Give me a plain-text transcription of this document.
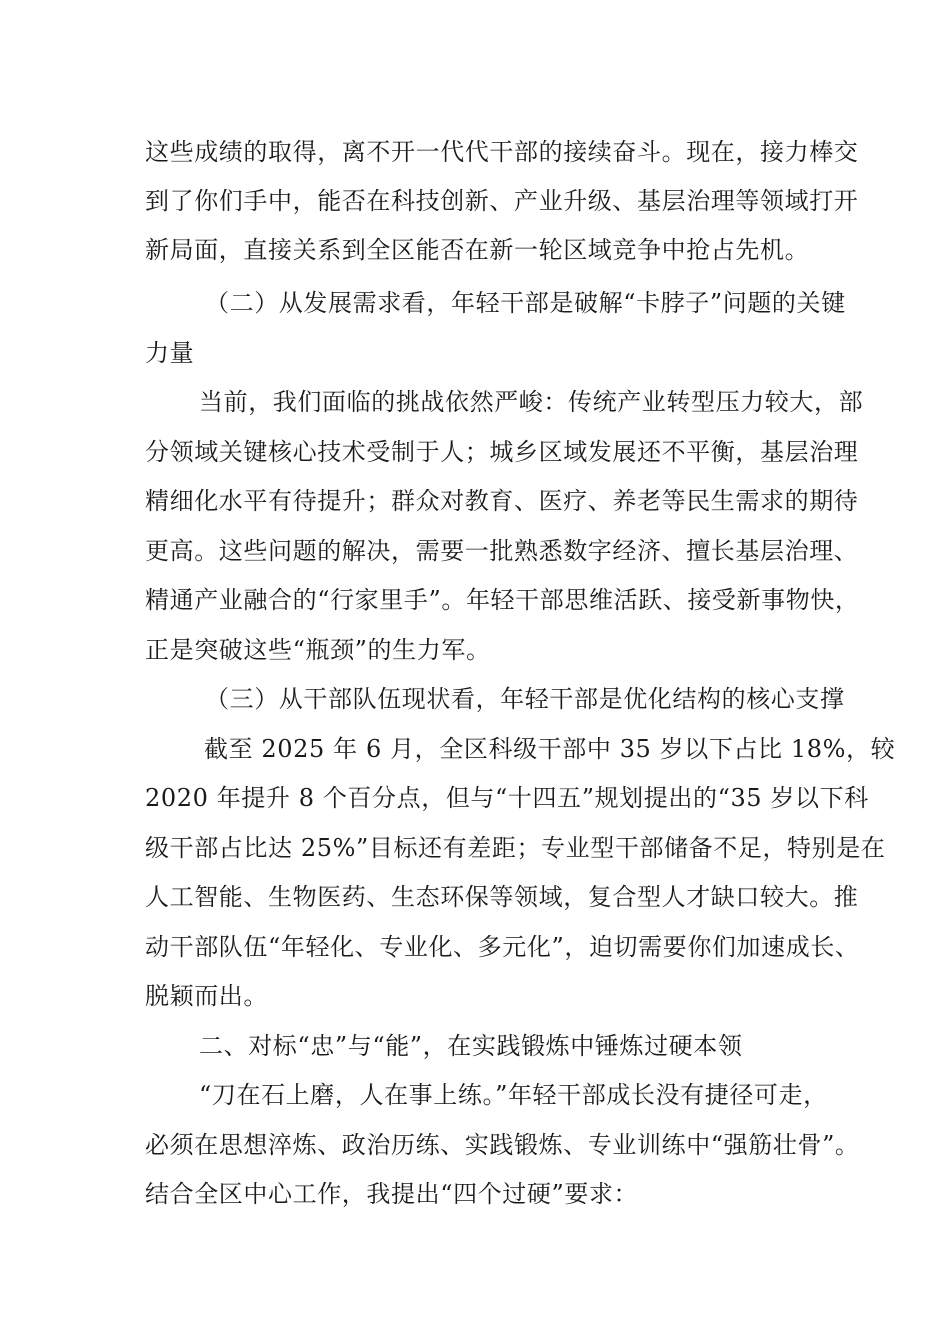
这些成绩的取得，离不开一代代干部的接续奋斗。现在，接力棒交
到了你们手中，能否在科技创新、产业升级、基层治理等领域打开
新局面，直接关系到全区能否在新一轮区域竞争中抢占先机。
（二）从发展需求看，年轻干部是破解“卡脖子”问题的关键
力量
当前，我们面临的挑战依然严峻：传统产业转型压力较大，部
分领域关键核心技术受制于人；城乡区域发展还不平衡，基层治理
精细化水平有待提升；群众对教育、医疗、养老等民生需求的期待
更高。这些问题的解决，需要一批熟悉数字经济、擅长基层治理、
精通产业融合的“行家里手”。年轻干部思维活跃、接受新事物快，
正是突破这些“瓶颈”的生力军。
（三）从干部队伍现状看，年轻干部是优化结构的核心支撑
截至 2025 年 6 月，全区科级干部中 35 岁以下占比 18%，较
2020 年提升 8 个百分点，但与“十四五”规划提出的“35 岁以下科
级干部占比达 25%”目标还有差距；专业型干部储备不足，特别是在
人工智能、生物医药、生态环保等领域，复合型人才缺口较大。推
动干部队伍“年轻化、专业化、多元化”，迫切需要你们加速成长、
脱颖而出。
二、对标“忠”与“能”，在实践锻炼中锤炼过硬本领
“刀在石上磨，人在事上练。”年轻干部成长没有捷径可走，
必须在思想淬炼、政治历练、实践锻炼、专业训练中“强筋壮骨”。
结合全区中心工作，我提出“四个过硬”要求：
